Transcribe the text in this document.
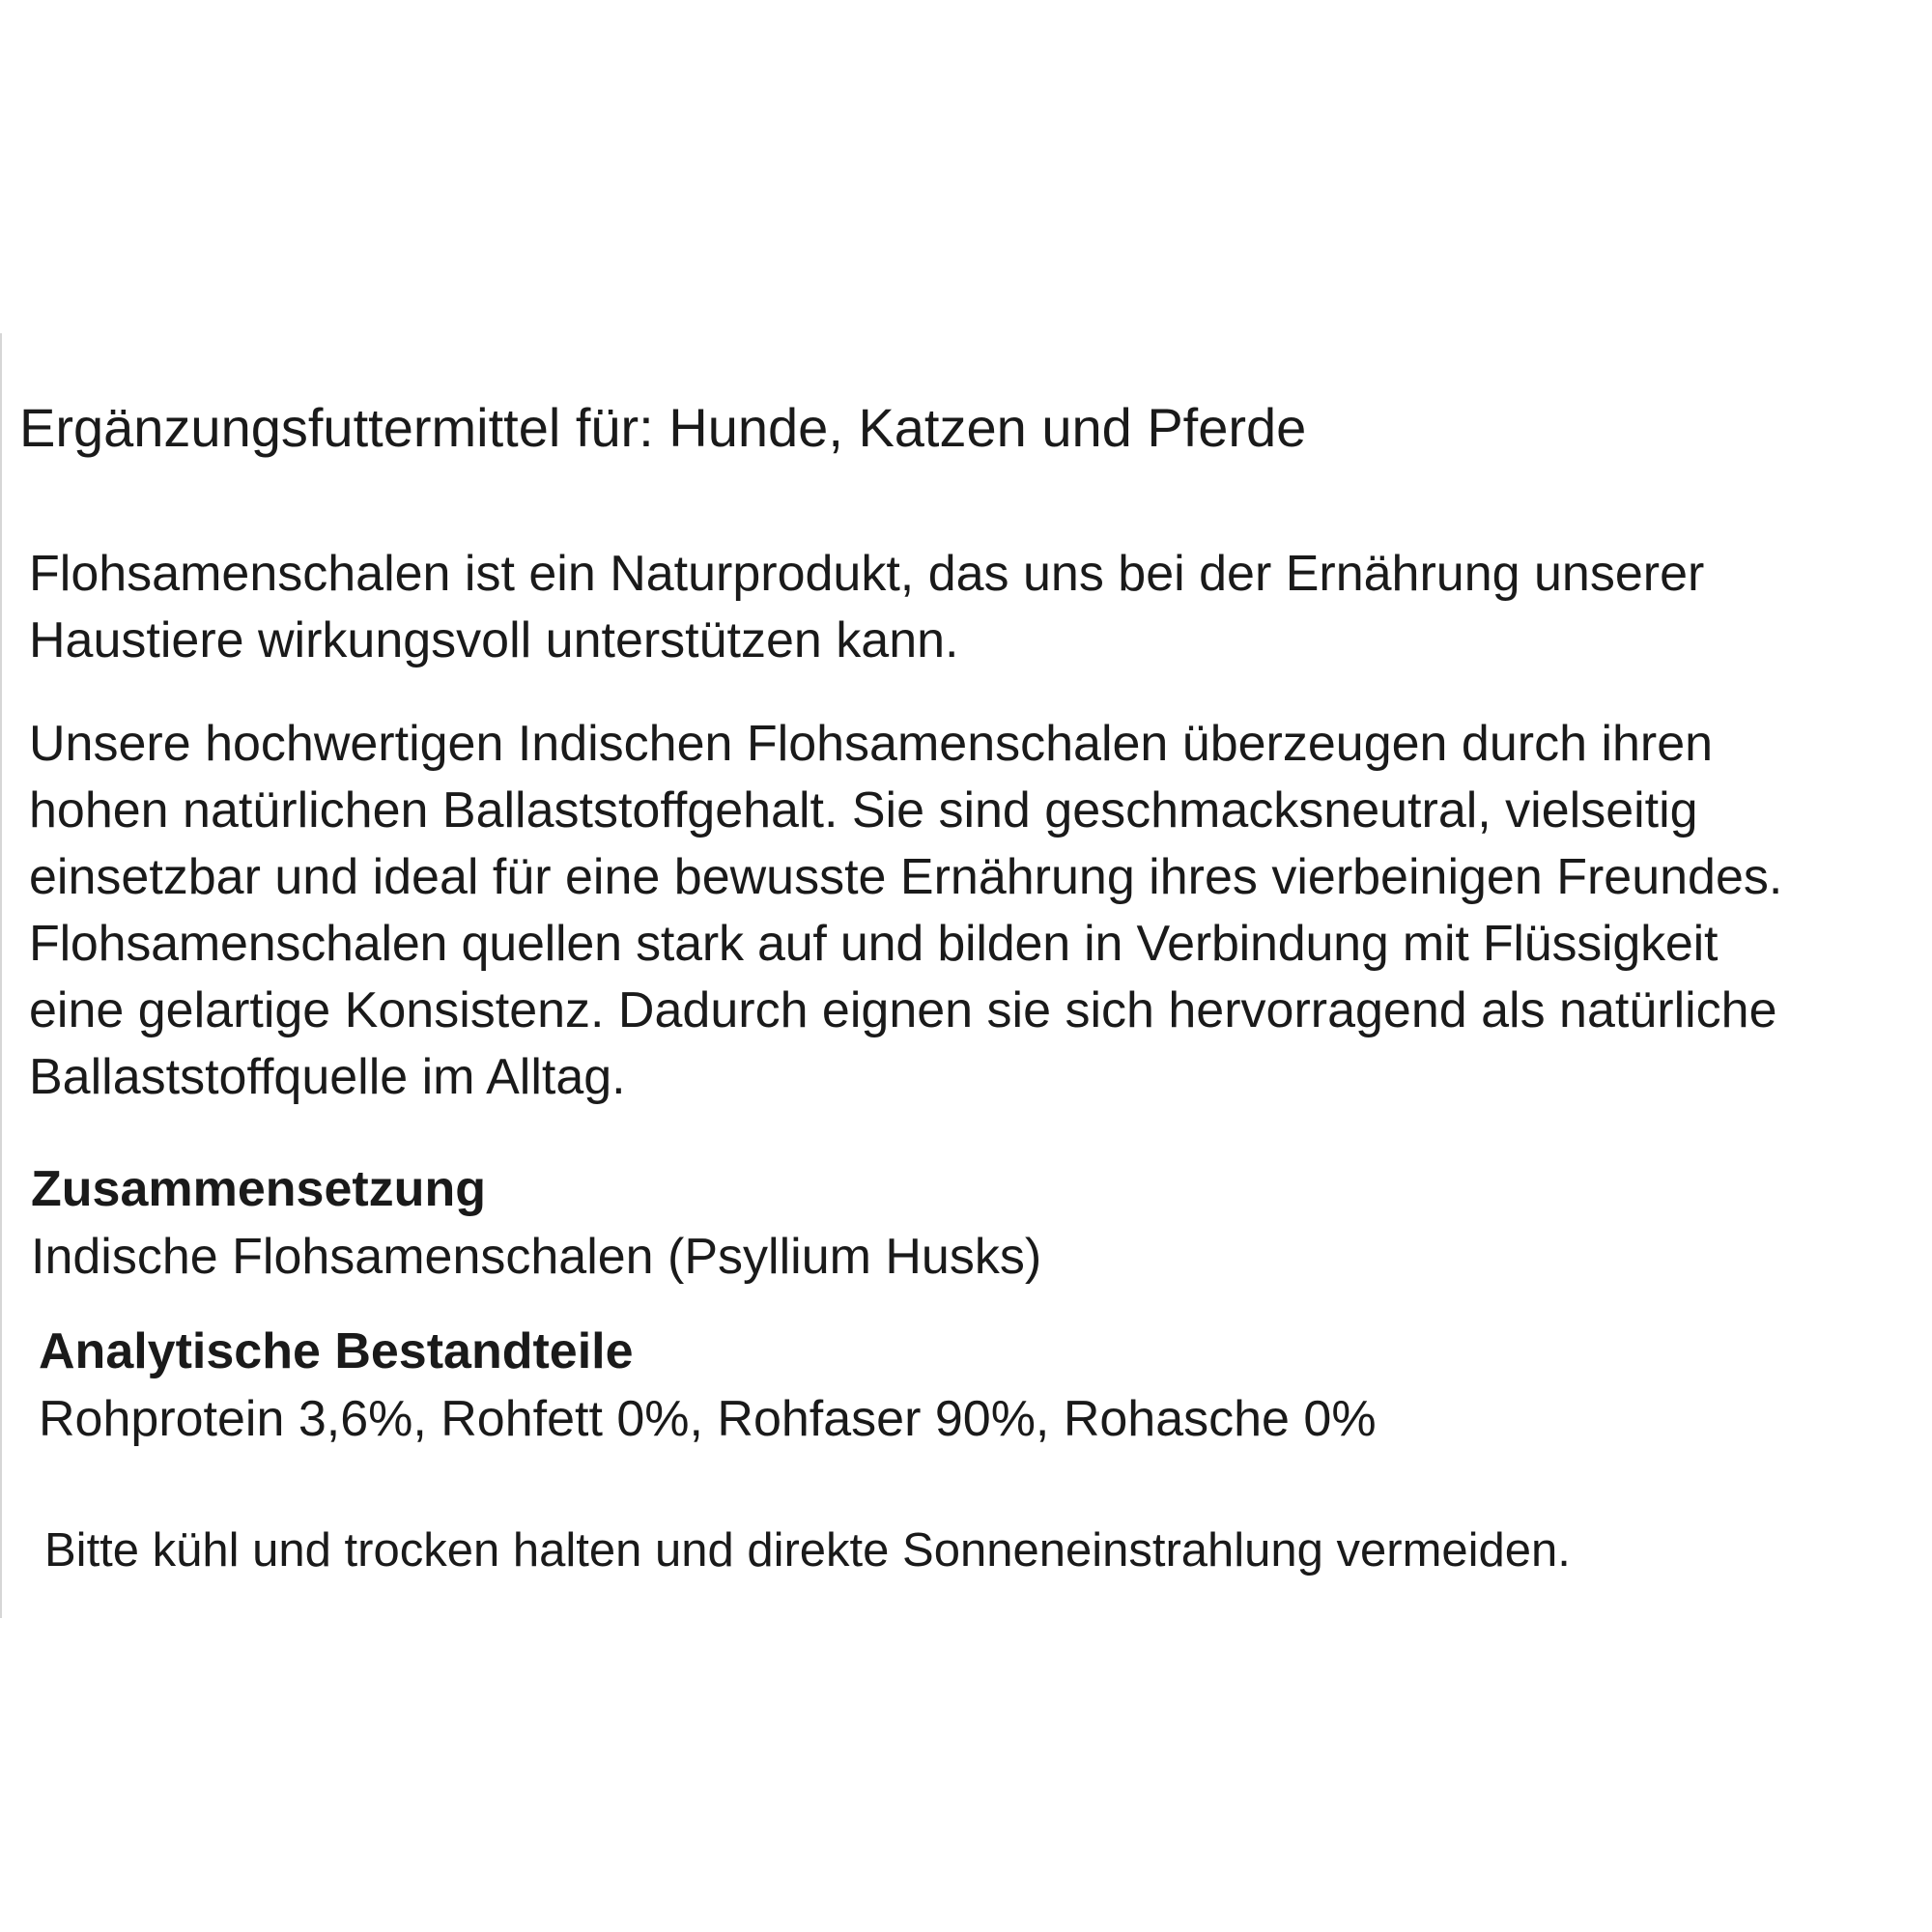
Ergänzungsfuttermittel für: Hunde, Katzen und Pferde

Flohsamenschalen ist ein Naturprodukt, das uns bei der Ernährung unserer
Haustiere wirkungsvoll unterstützen kann.

Unsere hochwertigen Indischen Flohsamenschalen überzeugen durch ihren
hohen natürlichen Ballaststoffgehalt. Sie sind geschmacksneutral, vielseitig
einsetzbar und ideal für eine bewusste Ernährung ihres vierbeinigen Freundes.
Flohsamenschalen quellen stark auf und bilden in Verbindung mit Flüssigkeit
eine gelartige Konsistenz. Dadurch eignen sie sich hervorragend als natürliche
Ballaststoffquelle im Alltag.

Zusammensetzung

Indische Flohsamenschalen (Psyllium Husks)

Analytische Bestandteile

Rohprotein 3,6%, Rohfett 0%, Rohfaser 90%, Rohasche 0%

Bitte kühl und trocken halten und direkte Sonneneinstrahlung vermeiden.
